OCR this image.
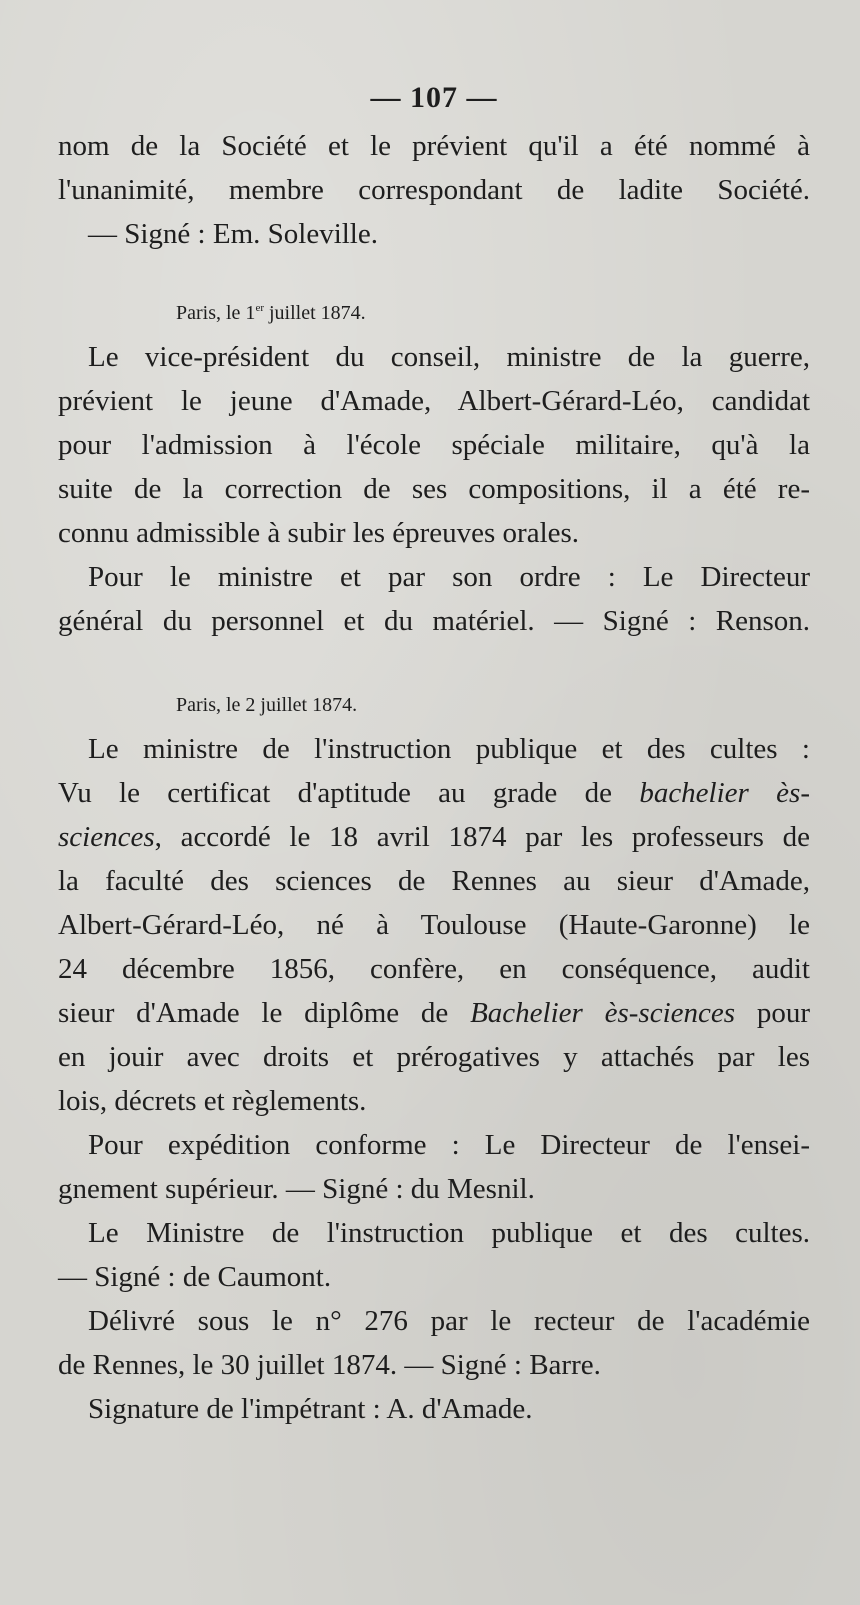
— 107 —
nom de la Société et le prévient qu'il a été nommé à
l'unanimité, membre correspondant de ladite Société.
— Signé : Em. Soleville.
Paris, le 1er juillet 1874.
Le vice-président du conseil, ministre de la guerre,
prévient le jeune d'Amade, Albert-Gérard-Léo, candidat
pour l'admission à l'école spéciale militaire, qu'à la
suite de la correction de ses compositions, il a été re-
connu admissible à subir les épreuves orales.
Pour le ministre et par son ordre : Le Directeur
général du personnel et du matériel. — Signé : Renson.
Paris, le 2 juillet 1874.
Le ministre de l'instruction publique et des cultes :
Vu le certificat d'aptitude au grade de bachelier ès-
sciences, accordé le 18 avril 1874 par les professeurs de
la faculté des sciences de Rennes au sieur d'Amade,
Albert-Gérard-Léo, né à Toulouse (Haute-Garonne) le
24 décembre 1856, confère, en conséquence, audit
sieur d'Amade le diplôme de Bachelier ès-sciences pour
en jouir avec droits et prérogatives y attachés par les
lois, décrets et règlements.
Pour expédition conforme : Le Directeur de l'ensei-
gnement supérieur. — Signé : du Mesnil.
Le Ministre de l'instruction publique et des cultes.
— Signé : de Caumont.
Délivré sous le n° 276 par le recteur de l'académie
de Rennes, le 30 juillet 1874. — Signé : Barre.
Signature de l'impétrant : A. d'Amade.
